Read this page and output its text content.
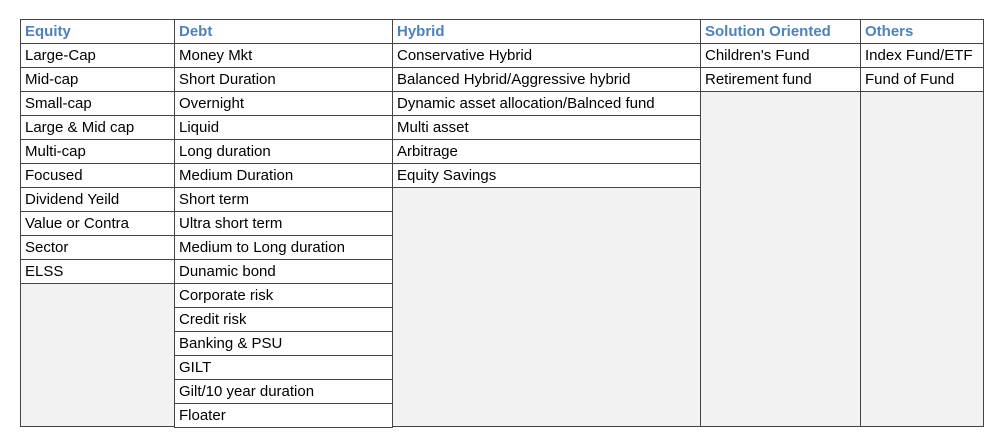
Equity
Large-Cap
Mid-cap
Small-cap
Large & Mid cap
Multi-cap
Focused
Dividend Yeild
Value or Contra
Sector
ELSS
Debt
Money Mkt
Short Duration
Overnight
Liquid
Long duration
Medium Duration
Short term
Ultra short term
Medium to Long duration
Dunamic bond
Corporate risk
Credit risk
Banking & PSU
GILT
Gilt/10 year duration
Floater
Hybrid
Conservative Hybrid
Balanced Hybrid/Aggressive hybrid
Dynamic asset allocation/Balnced fund
Multi asset
Arbitrage
Equity Savings
Solution Oriented
Children's Fund
Retirement fund
Others
Index Fund/ETF
Fund of Fund
